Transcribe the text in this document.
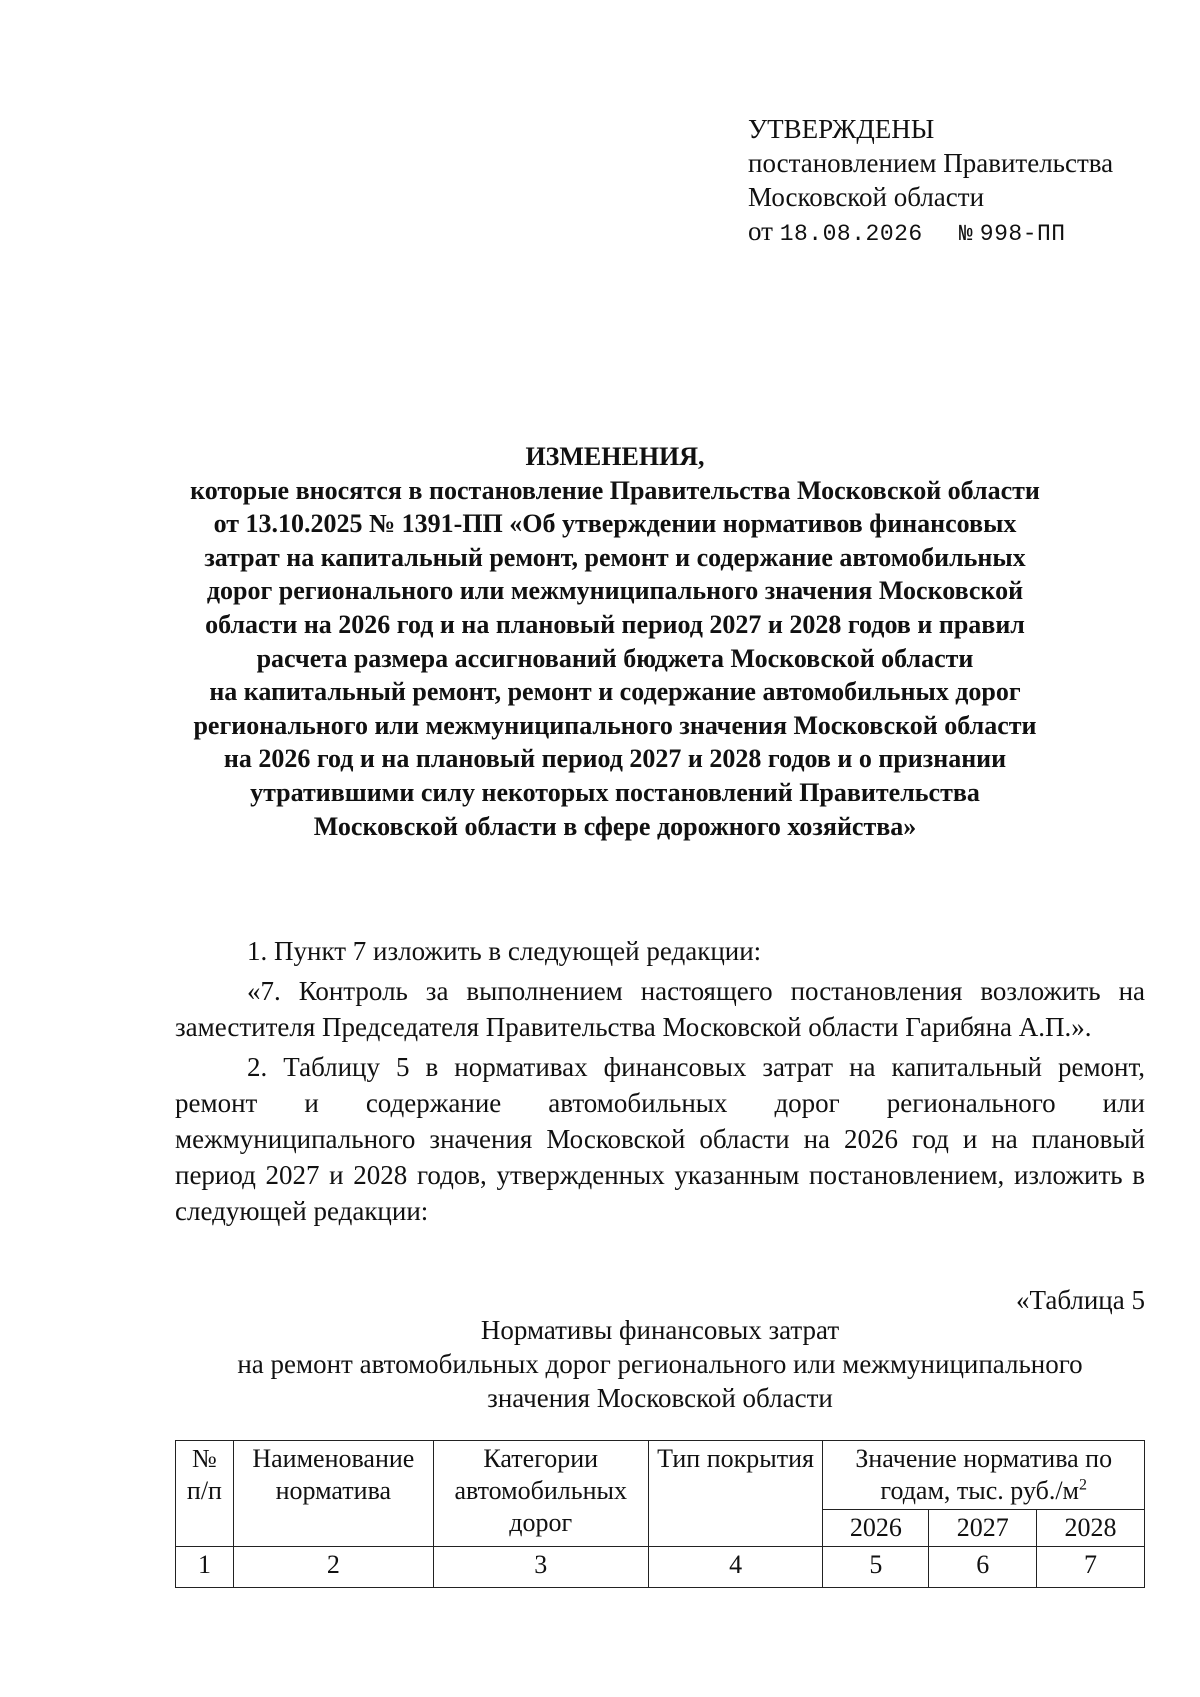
УТВЕРЖДЕНЫ
постановлением Правительства
Московской области
от 18.08.2026 № 998-ПП
ИЗМЕНЕНИЯ,
которые вносятся в постановление Правительства Московской области
от 13.10.2025 № 1391-ПП «Об утверждении нормативов финансовых
затрат на капитальный ремонт, ремонт и содержание автомобильных
дорог регионального или межмуниципального значения Московской
области на 2026 год и на плановый период 2027 и 2028 годов и правил
расчета размера ассигнований бюджета Московской области
на капитальный ремонт, ремонт и содержание автомобильных дорог
регионального или межмуниципального значения Московской области
на 2026 год и на плановый период 2027 и 2028 годов и о признании
утратившими силу некоторых постановлений Правительства
Московской области в сфере дорожного хозяйства»

1. Пункт 7 изложить в следующей редакции:

«7. Контроль за выполнением настоящего постановления возложить на заместителя Председателя Правительства Московской области Гарибяна А.П.».

2. Таблицу 5 в нормативах финансовых затрат на капитальный ремонт, ремонт и содержание автомобильных дорог регионального или межмуниципального значения Московской области на 2026 год и на плановый период 2027 и 2028 годов, утвержденных указанным постановлением, изложить в следующей редакции:

«Таблица 5
Нормативы финансовых затрат
на ремонт автомобильных дорог регионального или межмуниципального
значения Московской области
№ п/п	Наименование норматива	Категории автомобильных дорог	Тип покрытия	Значение норматива по годам, тыс. $руб./м^2$
				2026	2027	2028
1	2	3	4	5	6	7
